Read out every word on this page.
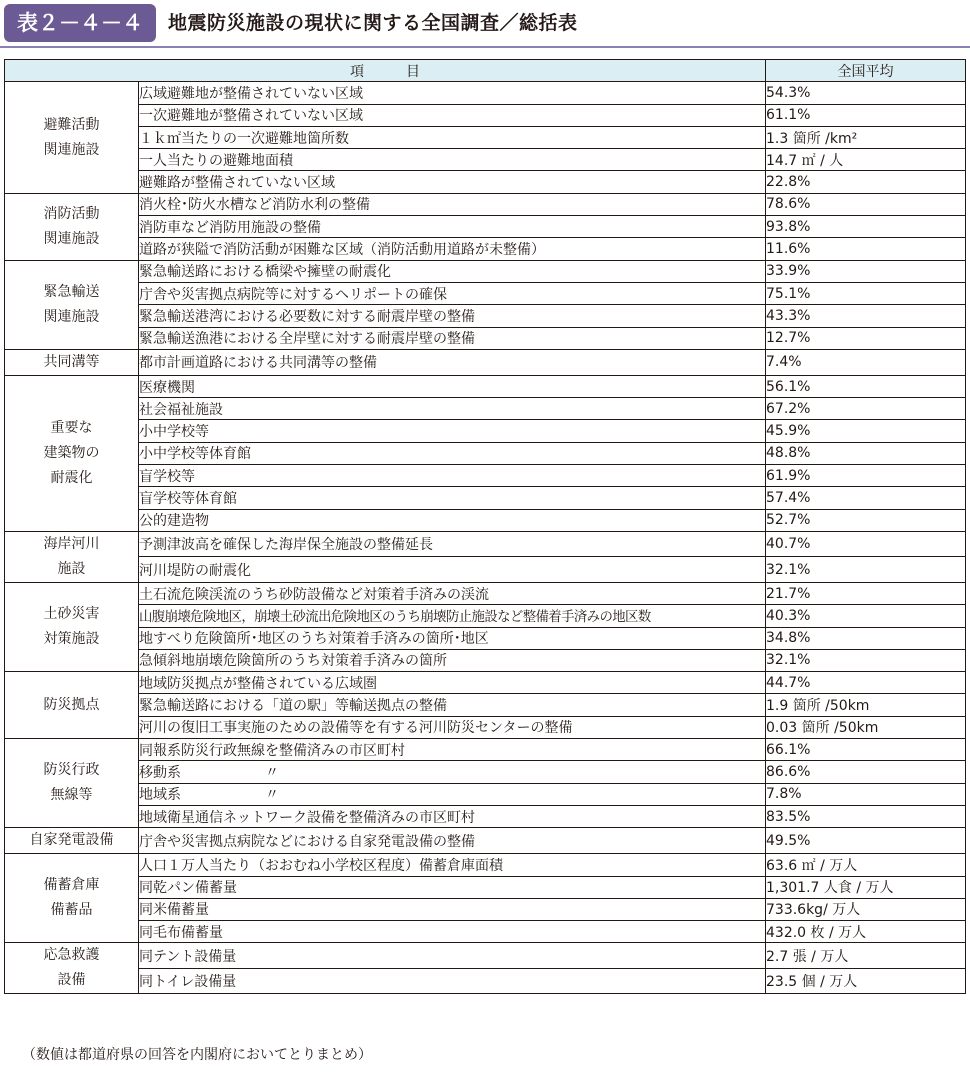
表２－４－４	地震防災施設の現状に関する全国調査／総括表
項　　　目		全国平均
避難活動
関連施設	広域避難地が整備されていない区域	54.3%
	一次避難地が整備されていない区域	61.1%
	１ｋ㎡当たりの一次避難地箇所数	1.3 箇所 /km²
	一人当たりの避難地面積	14.7 ㎡ / 人
	避難路が整備されていない区域	22.8%
消防活動
関連施設	消火栓･防火水槽など消防水利の整備	78.6%
	消防車など消防用施設の整備	93.8%
	道路が狭隘で消防活動が困難な区域（消防活動用道路が未整備）	11.6%
緊急輸送
関連施設	緊急輸送路における橋梁や擁壁の耐震化	33.9%
	庁舎や災害拠点病院等に対するヘリポートの確保	75.1%
	緊急輸送港湾における必要数に対する耐震岸壁の整備	43.3%
	緊急輸送漁港における全岸壁に対する耐震岸壁の整備	12.7%
共同溝等	都市計画道路における共同溝等の整備	7.4%
重要な
建築物の
耐震化	医療機関	56.1%
	社会福祉施設	67.2%
	小中学校等	45.9%
	小中学校等体育館	48.8%
	盲学校等	61.9%
	盲学校等体育館	57.4%
	公的建造物	52.7%
海岸河川
施設	予測津波高を確保した海岸保全施設の整備延長	40.7%
	河川堤防の耐震化	32.1%
土砂災害
対策施設	土石流危険渓流のうち砂防設備など対策着手済みの渓流	21.7%
	山腹崩壊危険地区，崩壊土砂流出危険地区のうち崩壊防止施設など整備着手済みの地区数	40.3%
	地すべり危険箇所･地区のうち対策着手済みの箇所･地区	34.8%
	急傾斜地崩壊危険箇所のうち対策着手済みの箇所	32.1%
防災拠点	地域防災拠点が整備されている広域圏	44.7%
	緊急輸送路における「道の駅」等輸送拠点の整備	1.9 箇所 /50km
	河川の復旧工事実施のための設備等を有する河川防災センターの整備	0.03 箇所 /50km
防災行政
無線等	同報系防災行政無線を整備済みの市区町村	66.1%
	移動系　　　　　　〃	86.6%
	地域系　　　　　　〃	7.8%
	地域衛星通信ネットワーク設備を整備済みの市区町村	83.5%
自家発電設備	庁舎や災害拠点病院などにおける自家発電設備の整備	49.5%
備蓄倉庫
備蓄品	人口１万人当たり（おおむね小学校区程度）備蓄倉庫面積	63.6 ㎡ / 万人
	同乾パン備蓄量	1,301.7 人食 / 万人
	同米備蓄量	733.6kg/ 万人
	同毛布備蓄量	432.0 枚 / 万人
応急救護
設備	同テント設備量	2.7 張 / 万人
	同トイレ設備量	23.5 個 / 万人
（数値は都道府県の回答を内閣府においてとりまとめ）
